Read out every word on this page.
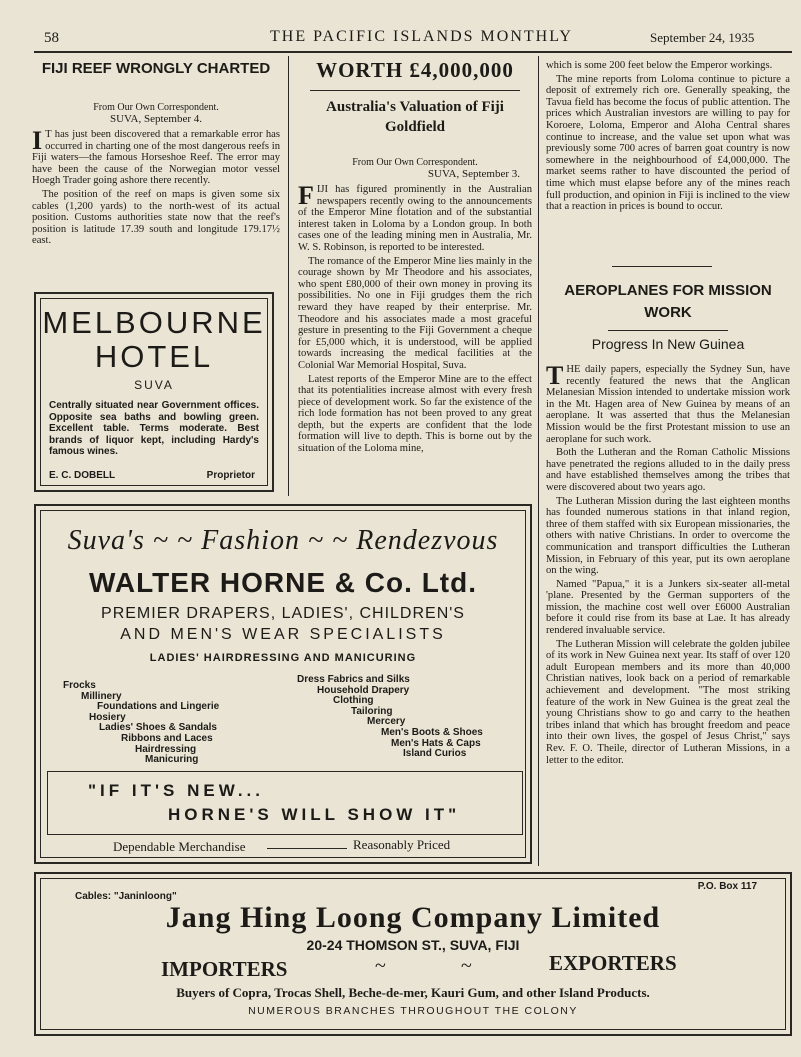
58	THE PACIFIC ISLANDS MONTHLY	September 24, 1935
FIJI REEF WRONGLY CHARTED

From Our Own Correspondent.

SUVA, September 4.

I T has just been discovered that a remarkable error has occurred in charting one of the most dangerous reefs in Fiji waters—the famous Horseshoe Reef. The error may have been the cause of the Norwegian motor vessel Hoegh Trader going ashore there recently.

The position of the reef on maps is given some six cables (1,200 yards) to the north-west of its actual position. Customs authorities state now that the reef's position is latitude 17.39 south and longitude 179.17½ east.

MELBOURNE
HOTEL
SUVA
Centrally situated near Government offices. Opposite sea baths and bowling green. Excellent table. Terms moderate. Best brands of liquor kept, including Hardy's famous wines.
E. C. DOBELL	Proprietor
WORTH £4,000,000
Australia's Valuation of Fiji Goldfield

From Our Own Correspondent.

SUVA, September 3.

F IJI has figured prominently in the Australian newspapers recently owing to the announcements of the Emperor Mine flotation and of the substantial interest taken in Loloma by a London group. In both cases one of the leading mining men in Australia, Mr. W. S. Robinson, is reported to be interested.

The romance of the Emperor Mine lies mainly in the courage shown by Mr Theodore and his associates, who spent £80,000 of their own money in proving its possibilities. No one in Fiji grudges them the rich reward they have reaped by their enterprise. Mr. Theodore and his associates made a most graceful gesture in presenting to the Fiji Government a cheque for £5,000 which, it is understood, will be applied towards increasing the medical facilities at the Colonial War Memorial Hospital, Suva.

Latest reports of the Emperor Mine are to the effect that its potentialities increase almost with every fresh piece of development work. So far the existence of the rich lode formation has not been proved to any great depth, but the experts are confident that the lode formation will live to depth. This is borne out by the situation of the Loloma mine,

which is some 200 feet below the Emperor workings.

The mine reports from Loloma continue to picture a deposit of extremely rich ore. Generally speaking, the Tavua field has become the focus of public attention. The prices which Australian investors are willing to pay for Koroere, Loloma, Emperor and Aloha Central shares continue to increase, and the value set upon what was previously some 700 acres of barren goat country is now somewhere in the neighbourhood of £4,000,000. The market seems rather to have discounted the period of time which must elapse before any of the mines reach full production, and opinion in Fiji is inclined to the view that a reaction in prices is bound to occur.

AEROPLANES FOR MISSION WORK
Progress In New Guinea
T HE daily papers, especially the Sydney Sun, have recently featured the news that the Anglican Melanesian Mission intended to undertake mission work in the Mt. Hagen area of New Guinea by means of an aeroplane. It was asserted that thus the Melanesian Mission would be the first Protestant mission to use an aeroplane for such work.

Both the Lutheran and the Roman Catholic Missions have penetrated the regions alluded to in the daily press and have established themselves among the tribes that were discovered about two years ago.

The Lutheran Mission during the last eighteen months has founded numerous stations in that inland region, three of them staffed with six European missionaries, the others with native Christians. In order to overcome the communication and transport difficulties the Lutheran Mission, in February of this year, put its own aeroplane on the wing.

Named "Papua," it is a Junkers six-seater all-metal 'plane. Presented by the German supporters of the mission, the machine cost well over £6000 Australian before it could rise from its base at Lae. It has already rendered invaluable service.

The Lutheran Mission will celebrate the golden jubilee of its work in New Guinea next year. Its staff of over 120 adult European members and its more than 40,000 Christian natives, look back on a period of remarkable achievement and development. "The most striking feature of the work in New Guinea is the great zeal the young Christians show to go and carry to the heathen tribes inland that which has brought freedom and peace into their own lives, the gospel of Jesus Christ," says Rev. F. O. Theile, director of Lutheran Missions, in a letter to the editor.

Suva's ~ ~ Fashion ~ ~ Rendezvous
WALTER HORNE & Co. Ltd.
PREMIER DRAPERS, LADIES', CHILDREN'S
AND MEN'S WEAR SPECIALISTS
LADIES' HAIRDRESSING AND MANICURING
Frocks
Millinery
Foundations and Lingerie
Hosiery
Ladies' Shoes & Sandals
Ribbons and Laces
Hairdressing
Manicuring
Dress Fabrics and Silks
Household Drapery
Clothing
Tailoring
Mercery
Men's Boots & Shoes
Men's Hats & Caps
Island Curios
"IF IT'S NEW...
HORNE'S WILL SHOW IT"
Dependable Merchandise	Reasonably Priced
Cables: "Janinloong"
P.O. Box 117
Jang Hing Loong Company Limited
20-24 THOMSON ST., SUVA, FIJI
IMPORTERS	~	~	EXPORTERS
Buyers of Copra, Trocas Shell, Beche-de-mer, Kauri Gum, and other Island Products.
NUMEROUS BRANCHES THROUGHOUT THE COLONY
